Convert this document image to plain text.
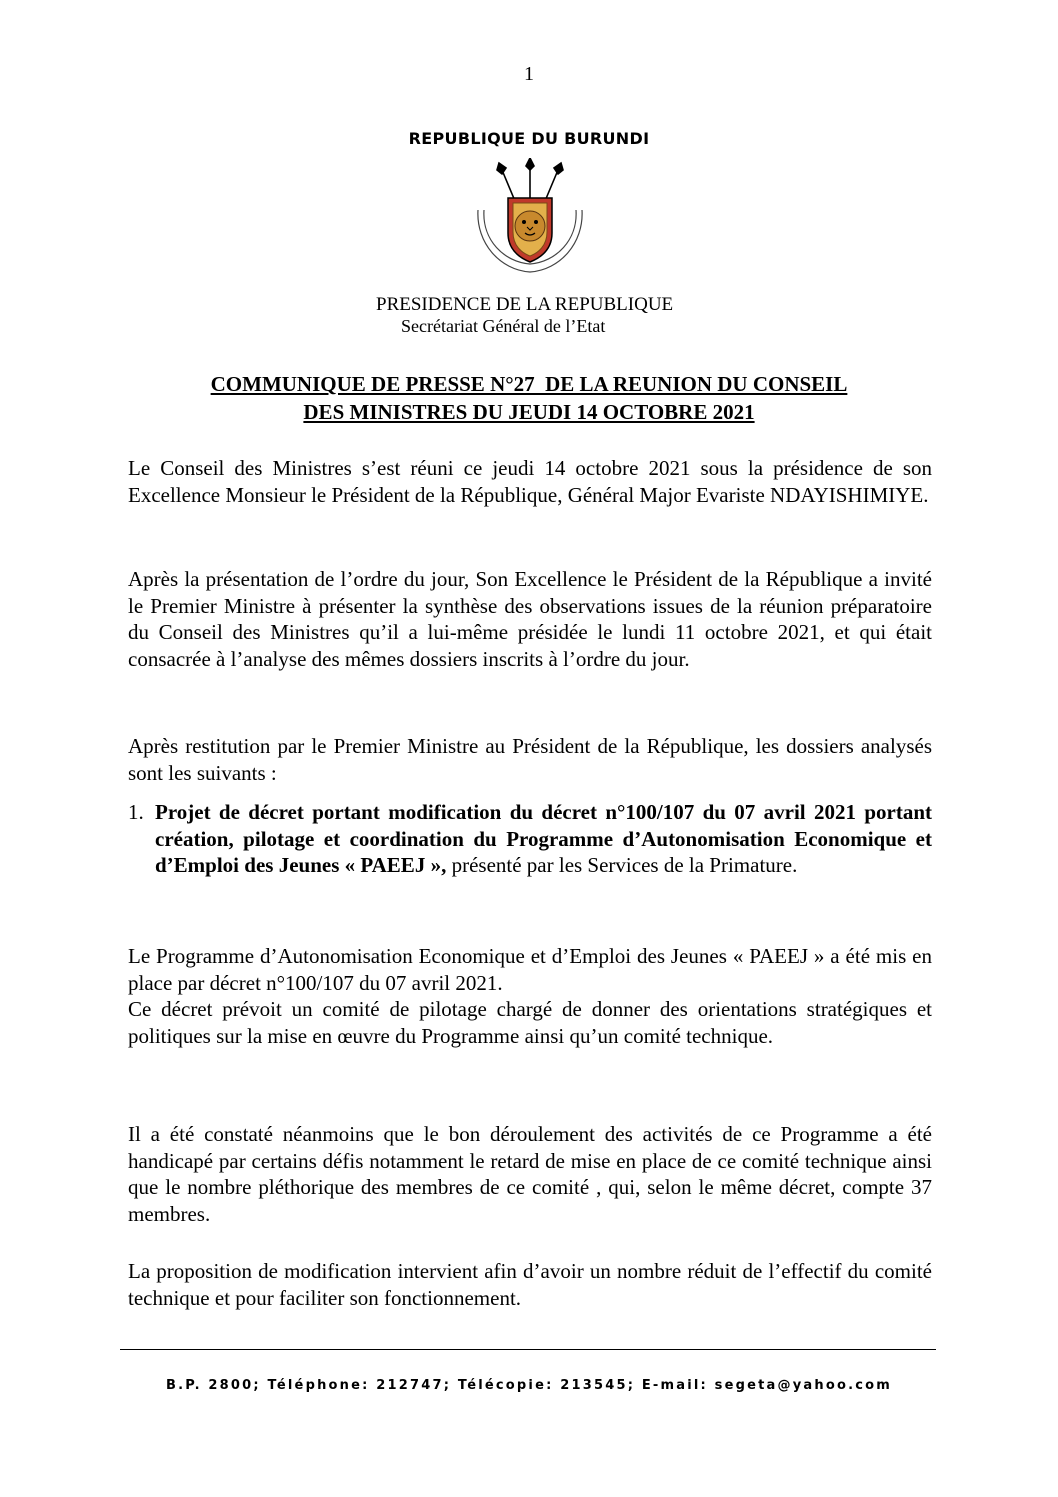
1
REPUBLIQUE DU BURUNDI
PRESIDENCE DE LA REPUBLIQUE
Secrétariat Général de l’Etat
COMMUNIQUE DE PRESSE N°27  DE LA REUNION DU CONSEIL
DES MINISTRES DU JEUDI 14 OCTOBRE 2021

Le Conseil des Ministres s’est réuni ce jeudi 14 octobre 2021 sous la présidence de son Excellence Monsieur le Président de la République, Général Major Evariste NDAYISHIMIYE.

Après la présentation de l’ordre du jour, Son Excellence le Président de la République a invité le Premier Ministre à présenter la synthèse des observations issues de la réunion préparatoire du Conseil des Ministres qu’il a lui-même présidée le lundi 11 octobre 2021, et qui était consacrée à l’analyse des mêmes dossiers inscrits à l’ordre du jour.

Après restitution par le Premier Ministre au Président de la République, les dossiers analysés sont les suivants :

1. Projet de décret portant modification du décret n°100/107 du 07 avril 2021 portant création, pilotage et coordination du Programme d’Autonomisation Economique et d’Emploi des Jeunes « PAEEJ », présenté par les Services de la Primature.

Le Programme d’Autonomisation Economique et d’Emploi des Jeunes « PAEEJ » a été mis en place par décret n°100/107 du 07 avril 2021.

Ce décret prévoit un comité de pilotage chargé de donner des orientations stratégiques et politiques sur la mise en œuvre du Programme ainsi qu’un comité technique.

Il a été constaté néanmoins que le bon déroulement des activités de ce Programme a été handicapé par certains défis notamment le retard de mise en place de ce comité technique ainsi que le nombre pléthorique des membres de ce comité , qui, selon le même décret, compte 37 membres.

La proposition de modification intervient afin d’avoir un nombre réduit de l’effectif du comité technique et pour faciliter son fonctionnement.

B.P. 2800; Téléphone: 212747; Télécopie: 213545; E-mail: segeta@yahoo.com
